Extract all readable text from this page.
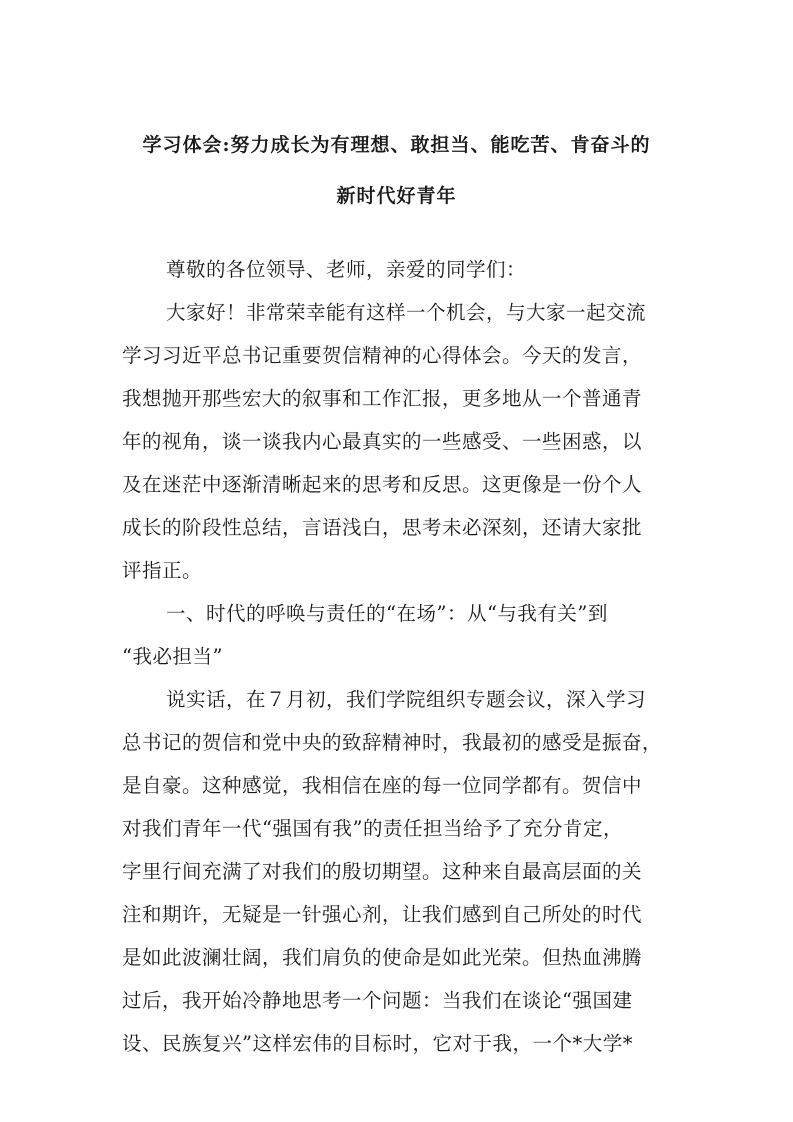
学习体会:努力成长为有理想、敢担当、能吃苦、肯奋斗的
新时代好青年
尊敬的各位领导、老师，亲爱的同学们：
大家好！非常荣幸能有这样一个机会，与大家一起交流
学习习近平总书记重要贺信精神的心得体会。今天的发言，
我想抛开那些宏大的叙事和工作汇报，更多地从一个普通青
年的视角，谈一谈我内心最真实的一些感受、一些困惑，以
及在迷茫中逐渐清晰起来的思考和反思。这更像是一份个人
成长的阶段性总结，言语浅白，思考未必深刻，还请大家批
评指正。
一、时代的呼唤与责任的“在场”：从“与我有关”到
“我必担当”
说实话，在７月初，我们学院组织专题会议，深入学习
总书记的贺信和党中央的致辞精神时，我最初的感受是振奋，
是自豪。这种感觉，我相信在座的每一位同学都有。贺信中
对我们青年一代“强国有我”的责任担当给予了充分肯定，
字里行间充满了对我们的殷切期望。这种来自最高层面的关
注和期许，无疑是一针强心剂，让我们感到自己所处的时代
是如此波澜壮阔，我们肩负的使命是如此光荣。但热血沸腾
过后，我开始冷静地思考一个问题：当我们在谈论“强国建
设、民族复兴”这样宏伟的目标时，它对于我，一个*大学*
